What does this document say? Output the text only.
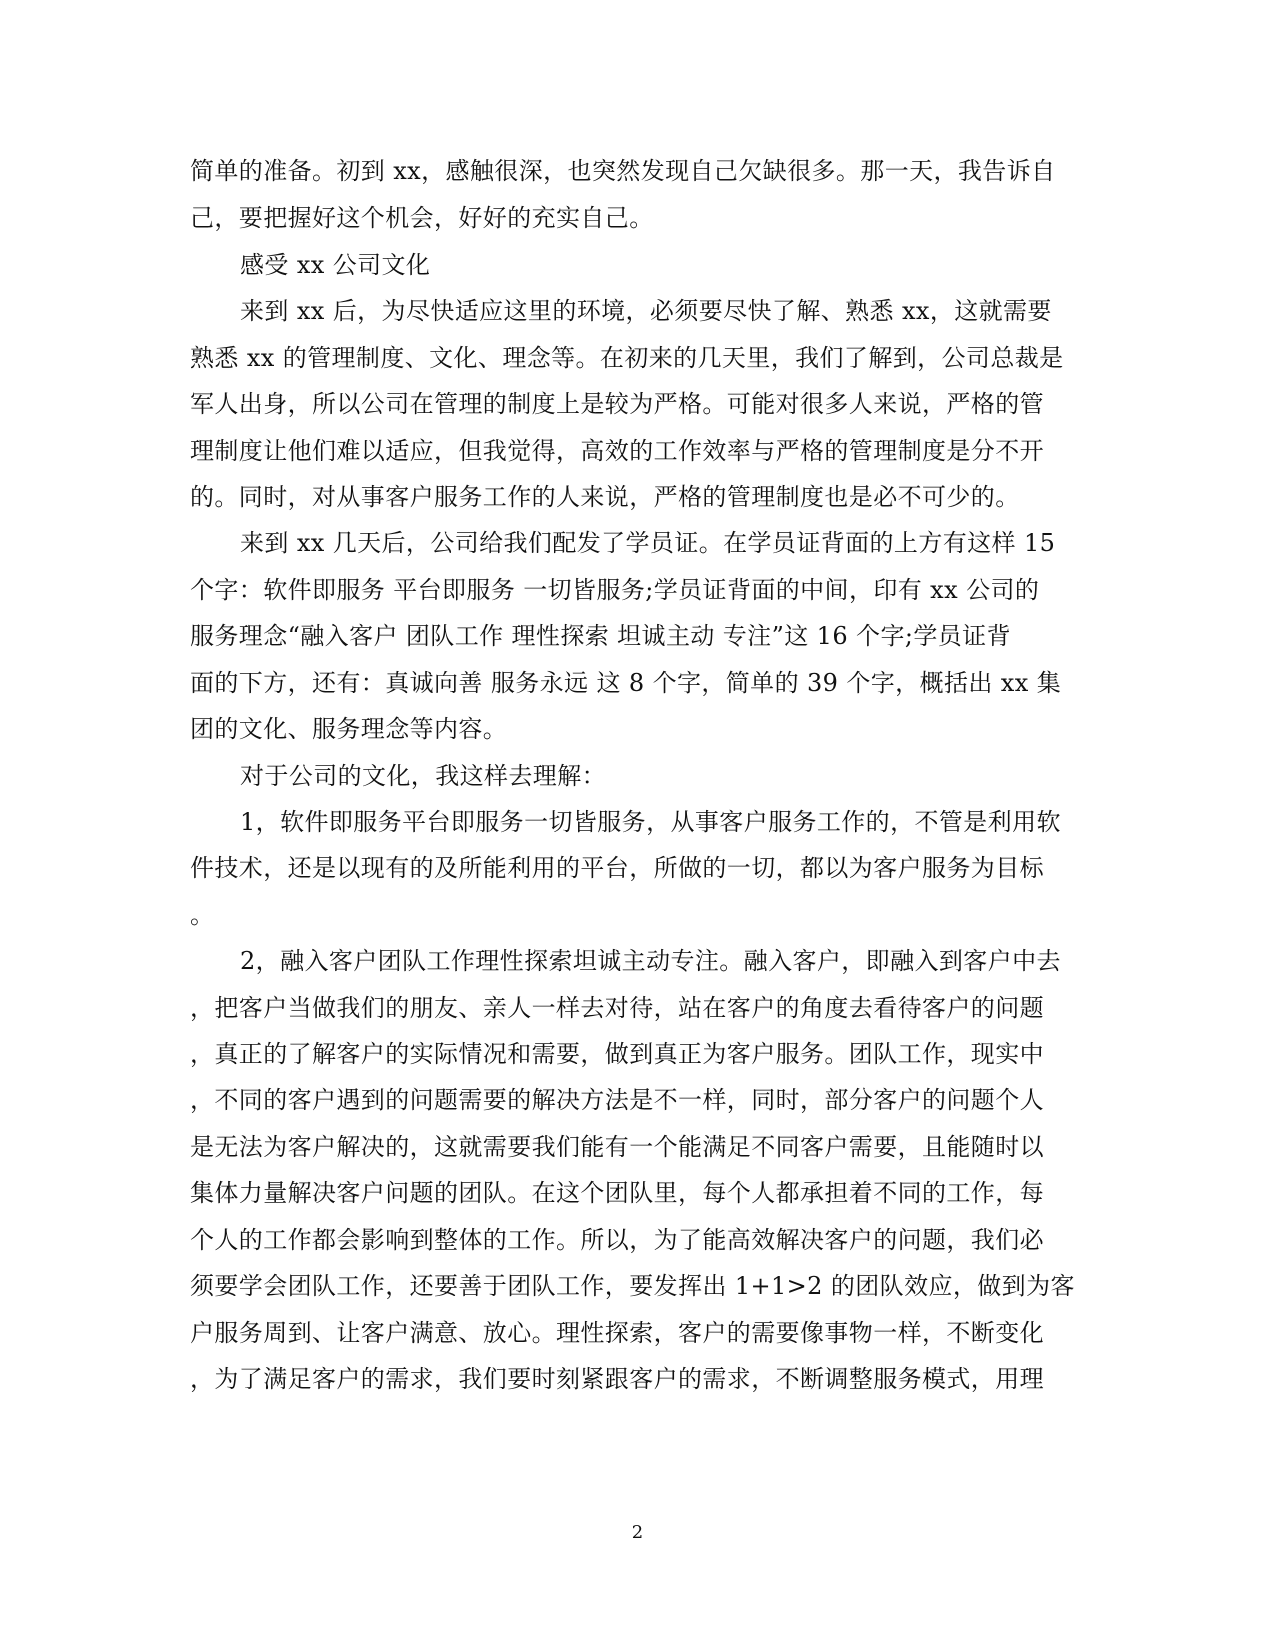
简单的准备。初到 xx，感触很深，也突然发现自己欠缺很多。那一天，我告诉自
己，要把握好这个机会，好好的充实自己。
感受 xx 公司文化
来到 xx 后，为尽快适应这里的环境，必须要尽快了解、熟悉 xx，这就需要
熟悉 xx 的管理制度、文化、理念等。在初来的几天里，我们了解到，公司总裁是
军人出身，所以公司在管理的制度上是较为严格。可能对很多人来说，严格的管
理制度让他们难以适应，但我觉得，高效的工作效率与严格的管理制度是分不开
的。同时，对从事客户服务工作的人来说，严格的管理制度也是必不可少的。
来到 xx 几天后，公司给我们配发了学员证。在学员证背面的上方有这样 15
个字：软件即服务 平台即服务 一切皆服务;学员证背面的中间，印有 xx 公司的
服务理念“融入客户 团队工作 理性探索 坦诚主动 专注”这 16 个字;学员证背
面的下方，还有：真诚向善 服务永远 这 8 个字，简单的 39 个字，概括出 xx 集
团的文化、服务理念等内容。
对于公司的文化，我这样去理解：
1，软件即服务平台即服务一切皆服务，从事客户服务工作的，不管是利用软
件技术，还是以现有的及所能利用的平台，所做的一切，都以为客户服务为目标
。
2，融入客户团队工作理性探索坦诚主动专注。融入客户，即融入到客户中去
，把客户当做我们的朋友、亲人一样去对待，站在客户的角度去看待客户的问题
，真正的了解客户的实际情况和需要，做到真正为客户服务。团队工作，现实中
，不同的客户遇到的问题需要的解决方法是不一样，同时，部分客户的问题个人
是无法为客户解决的，这就需要我们能有一个能满足不同客户需要，且能随时以
集体力量解决客户问题的团队。在这个团队里，每个人都承担着不同的工作，每
个人的工作都会影响到整体的工作。所以，为了能高效解决客户的问题，我们必
须要学会团队工作，还要善于团队工作，要发挥出 1+1>2 的团队效应，做到为客
户服务周到、让客户满意、放心。理性探索，客户的需要像事物一样，不断变化
，为了满足客户的需求，我们要时刻紧跟客户的需求，不断调整服务模式，用理
2
